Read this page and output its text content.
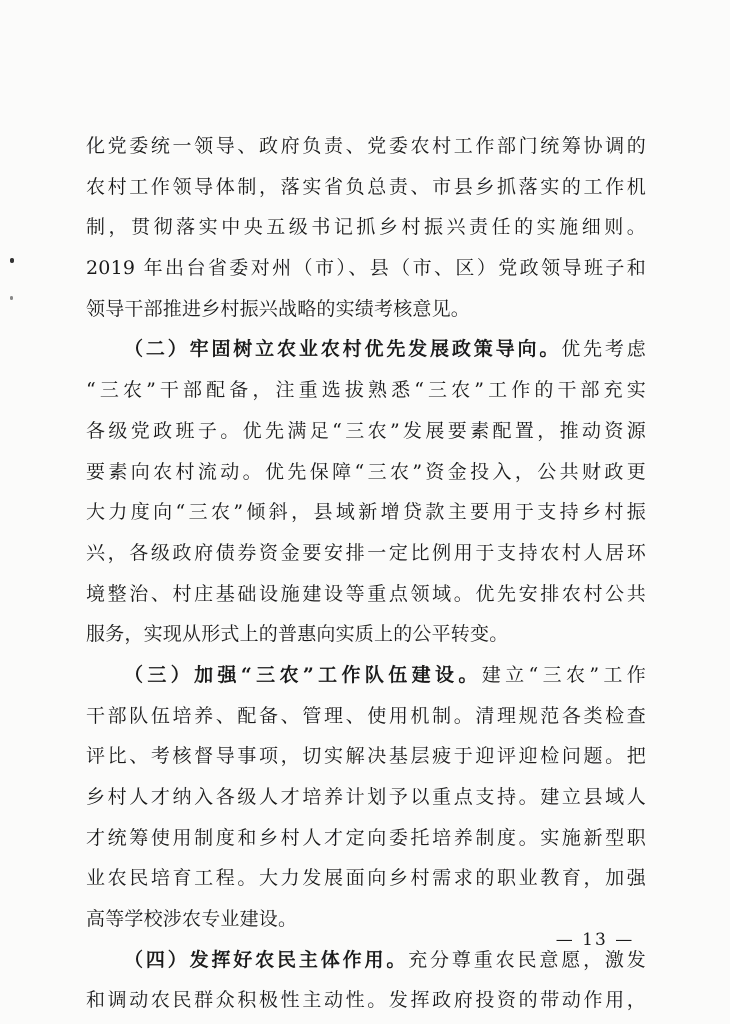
化党委统一领导、政府负责、党委农村工作部门统筹协调的
农村工作领导体制，落实省负总责、市县乡抓落实的工作机
制，贯彻落实中央五级书记抓乡村振兴责任的实施细则。
2019 年出台省委对州（市）、县（市、区）党政领导班子和
领导干部推进乡村振兴战略的实绩考核意见。
（二）牢固树立农业农村优先发展政策导向。优先考虑
“三农”干部配备，注重选拔熟悉“三农”工作的干部充实
各级党政班子。优先满足“三农”发展要素配置，推动资源
要素向农村流动。优先保障“三农”资金投入，公共财政更
大力度向“三农”倾斜，县域新增贷款主要用于支持乡村振
兴，各级政府债券资金要安排一定比例用于支持农村人居环
境整治、村庄基础设施建设等重点领域。优先安排农村公共
服务，实现从形式上的普惠向实质上的公平转变。
（三）加强“三农”工作队伍建设。建立“三农”工作
干部队伍培养、配备、管理、使用机制。清理规范各类检查
评比、考核督导事项，切实解决基层疲于迎评迎检问题。把
乡村人才纳入各级人才培养计划予以重点支持。建立县域人
才统筹使用制度和乡村人才定向委托培养制度。实施新型职
业农民培育工程。大力发展面向乡村需求的职业教育，加强
高等学校涉农专业建设。
（四）发挥好农民主体作用。充分尊重农民意愿，激发
和调动农民群众积极性主动性。发挥政府投资的带动作用，
— 13 —
